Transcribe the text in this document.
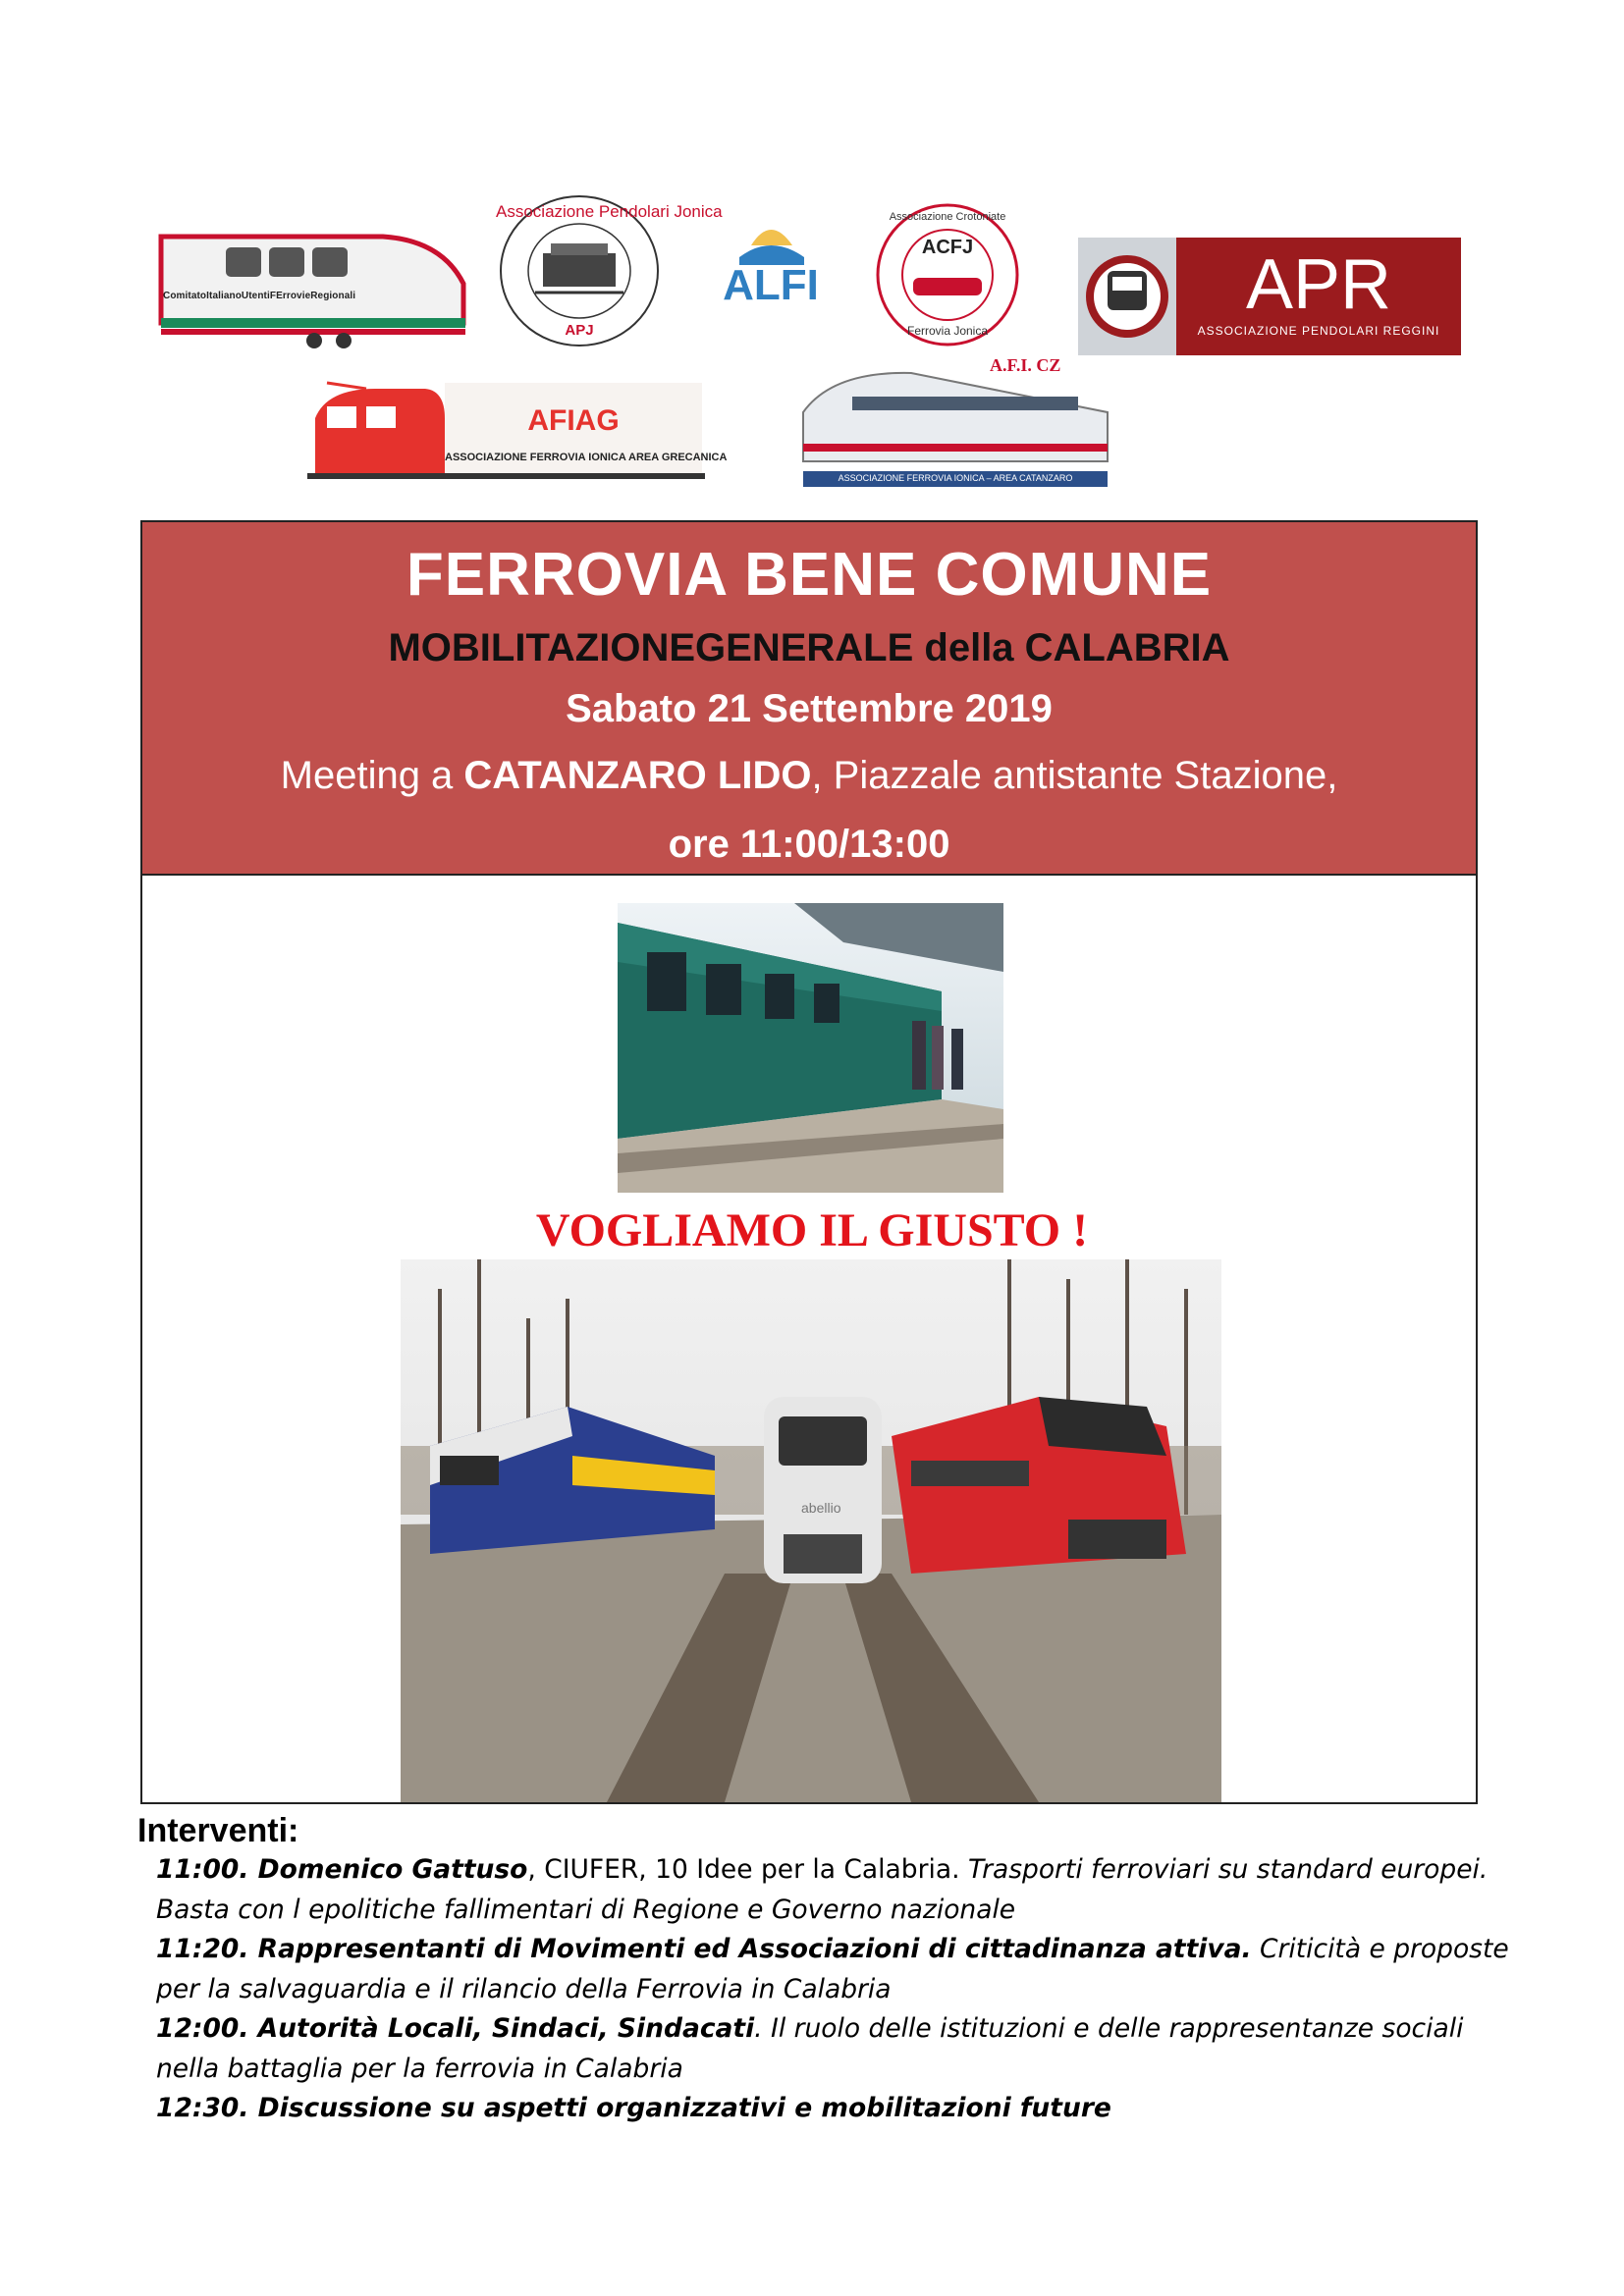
ComitatoItalianoUtentiFErrovieRegionali
Associazione Pendolari Jonica
APJ
ALFI
Associazione Crotoniate
ACFJ
Ferrovia Jonica
APR
ASSOCIAZIONE PENDOLARI REGGINI
AFIAG
ASSOCIAZIONE FERROVIA IONICA AREA GRECANICA
A.F.I. CZ
ASSOCIAZIONE FERROVIA IONICA – AREA CATANZARO
FERROVIA BENE COMUNE
MOBILITAZIONEGENERALE della CALABRIA
Sabato 21 Settembre 2019
Meeting a CATANZARO LIDO, Piazzale antistante Stazione,
ore 11:00/13:00
VOGLIAMO IL GIUSTO !
abellio
Interventi:
11:00. Domenico Gattuso, CIUFER, 10 Idee per la Calabria. Trasporti ferroviari su standard europei.
Basta con l epolitiche fallimentari di Regione e Governo nazionale
11:20. Rappresentanti di Movimenti ed Associazioni di cittadinanza attiva. Criticità e proposte
per la salvaguardia e il rilancio della Ferrovia in Calabria
12:00. Autorità Locali, Sindaci, Sindacati. Il ruolo delle istituzioni e delle rappresentanze sociali
nella battaglia per la ferrovia in Calabria
12:30. Discussione su aspetti organizzativi e mobilitazioni future
